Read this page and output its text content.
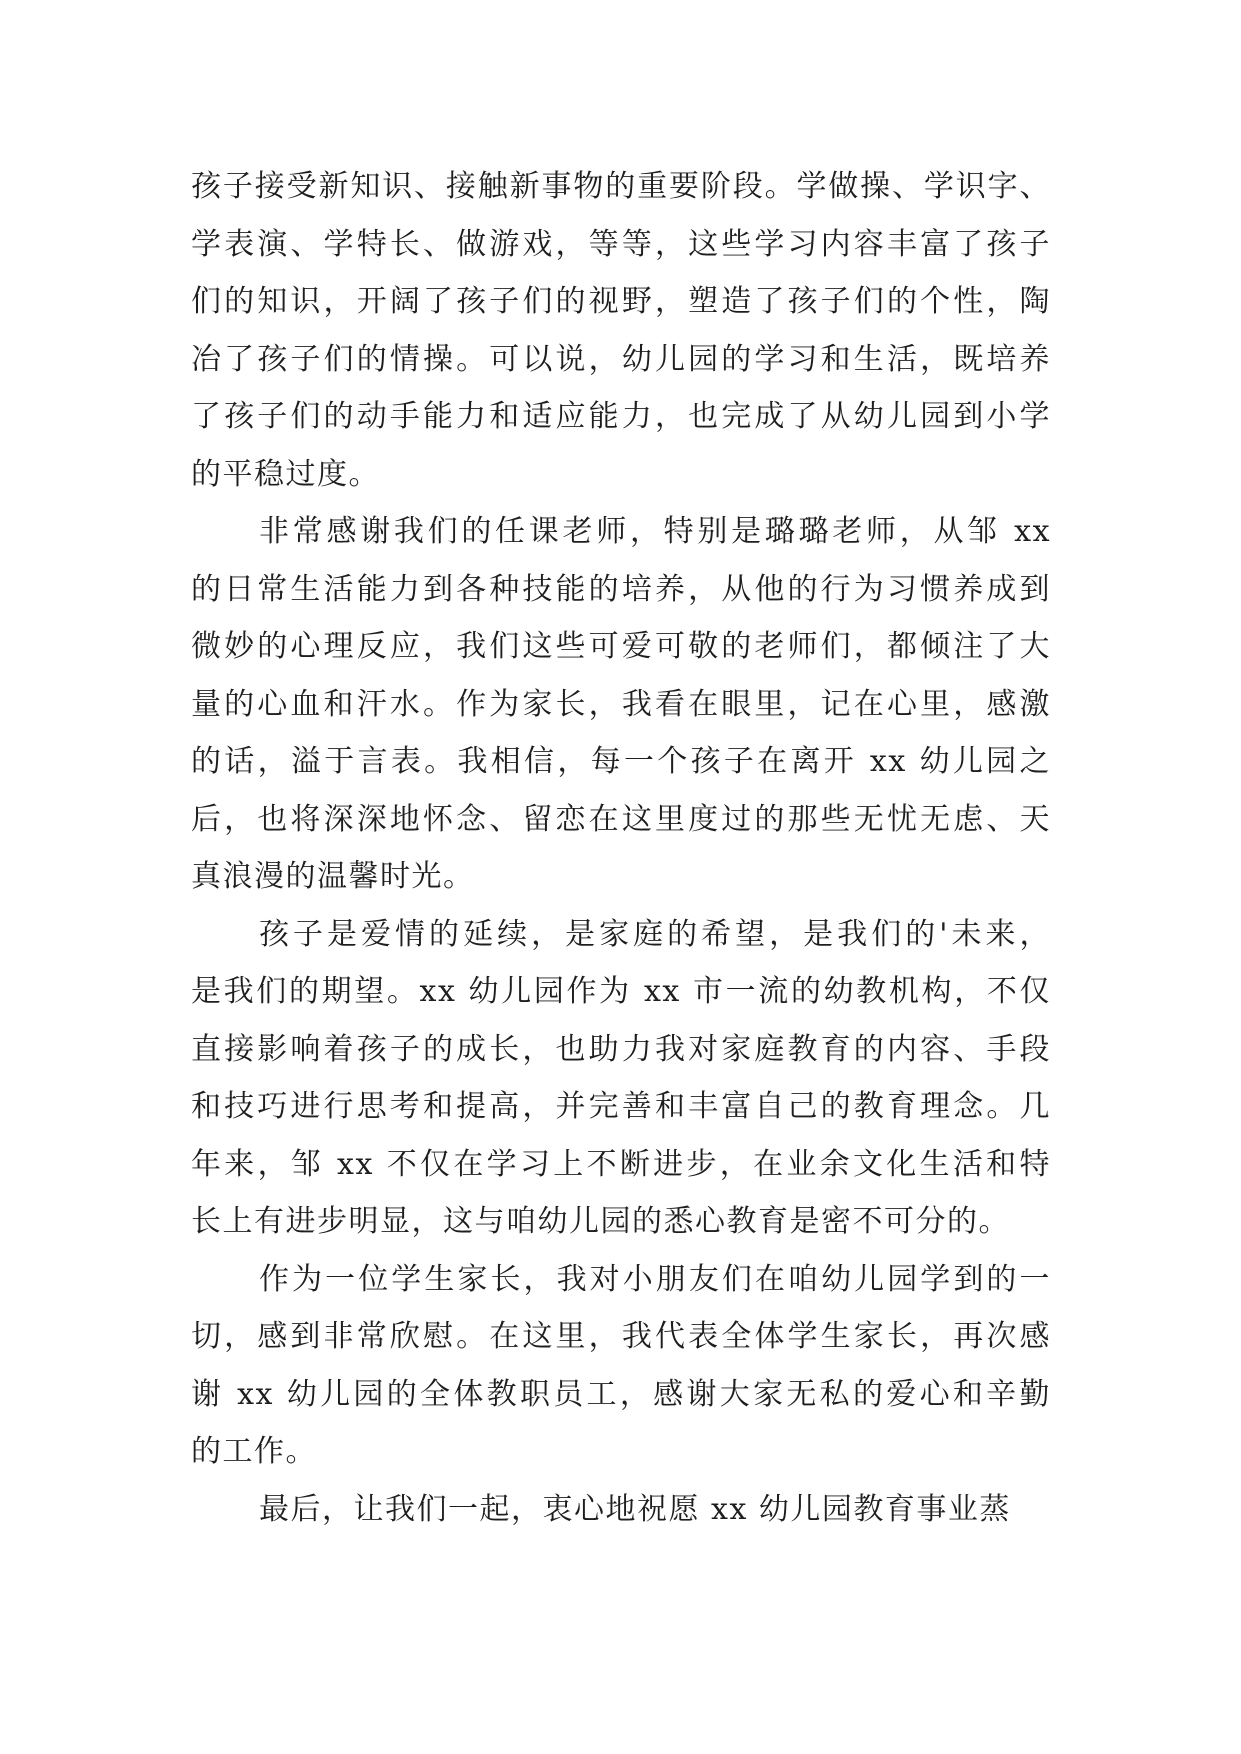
孩子接受新知识、接触新事物的重要阶段。学做操、学识字、
学表演、学特长、做游戏，等等，这些学习内容丰富了孩子
们的知识，开阔了孩子们的视野，塑造了孩子们的个性，陶
冶了孩子们的情操。可以说，幼儿园的学习和生活，既培养
了孩子们的动手能力和适应能力，也完成了从幼儿园到小学
的平稳过度。
非常感谢我们的任课老师，特别是璐璐老师，从邹 xx
的日常生活能力到各种技能的培养，从他的行为习惯养成到
微妙的心理反应，我们这些可爱可敬的老师们，都倾注了大
量的心血和汗水。作为家长，我看在眼里，记在心里，感激
的话，溢于言表。我相信，每一个孩子在离开 xx 幼儿园之
后，也将深深地怀念、留恋在这里度过的那些无忧无虑、天
真浪漫的温馨时光。
孩子是爱情的延续，是家庭的希望，是我们的'未来，
是我们的期望。xx 幼儿园作为 xx 市一流的幼教机构，不仅
直接影响着孩子的成长，也助力我对家庭教育的内容、手段
和技巧进行思考和提高，并完善和丰富自己的教育理念。几
年来，邹 xx 不仅在学习上不断进步，在业余文化生活和特
长上有进步明显，这与咱幼儿园的悉心教育是密不可分的。
作为一位学生家长，我对小朋友们在咱幼儿园学到的一
切，感到非常欣慰。在这里，我代表全体学生家长，再次感
谢 xx 幼儿园的全体教职员工，感谢大家无私的爱心和辛勤
的工作。
最后，让我们一起，衷心地祝愿 xx 幼儿园教育事业蒸
